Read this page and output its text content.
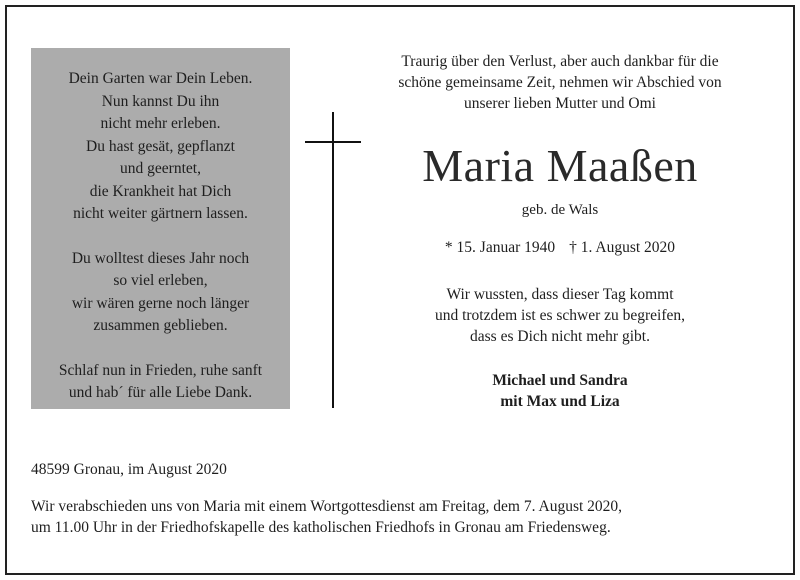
Dein Garten war Dein Leben.
Nun kannst Du ihn
nicht mehr erleben.
Du hast gesät, gepflanzt
und geerntet,
die Krankheit hat Dich
nicht weiter gärtnern lassen.
Du wolltest dieses Jahr noch
so viel erleben,
wir wären gerne noch länger
zusammen geblieben.
Schlaf nun in Frieden, ruhe sanft
und hab´ für alle Liebe Dank.
Traurig über den Verlust, aber auch dankbar für die
schöne gemeinsame Zeit, nehmen wir Abschied von
unserer lieben Mutter und Omi
Maria Maaßen
geb. de Wals
* 15. Januar 1940 † 1. August 2020
Wir wussten, dass dieser Tag kommt
und trotzdem ist es schwer zu begreifen,
dass es Dich nicht mehr gibt.
Michael und Sandra
mit Max und Liza
48599 Gronau, im August 2020
Wir verabschieden uns von Maria mit einem Wortgottesdienst am Freitag, dem 7. August 2020,
um 11.00 Uhr in der Friedhofskapelle des katholischen Friedhofs in Gronau am Friedensweg.
